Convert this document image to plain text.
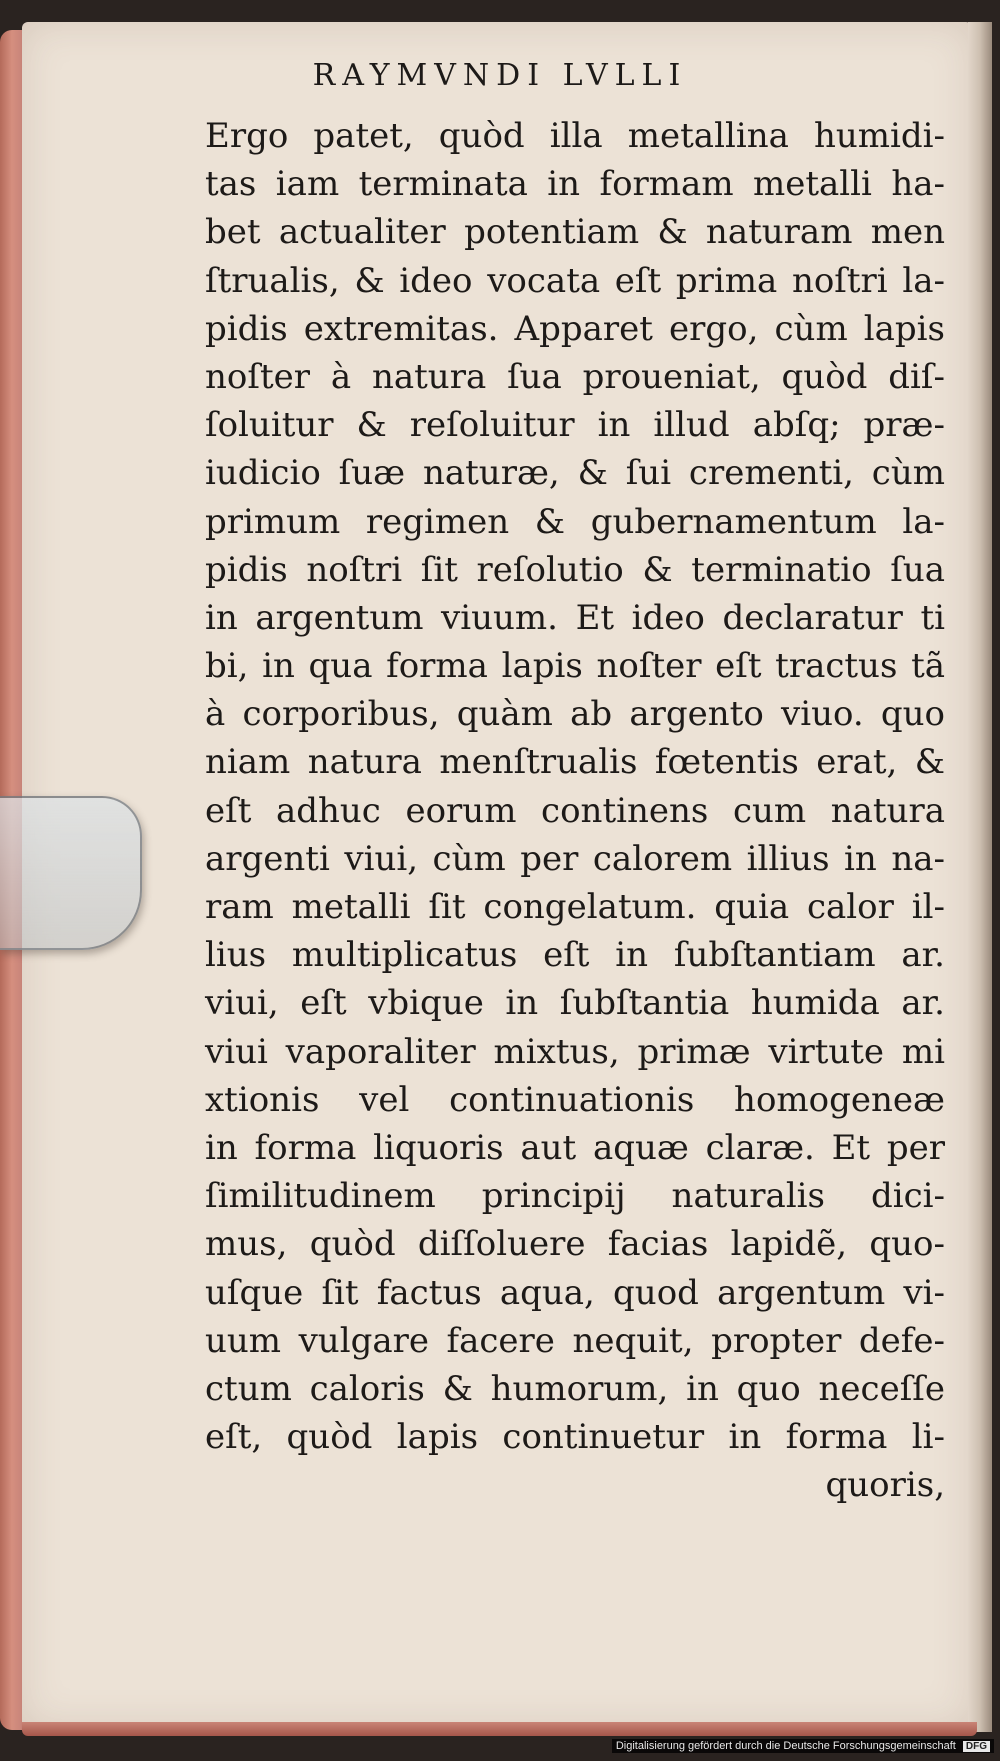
RAYMVNDI LVLLI
Ergo patet, quòd illa metallina humidi-
tas iam terminata in formam metalli ha-
bet actualiter potentiam & naturam men
ſtrualis, & ideo vocata eſt prima noſtri la-
pidis extremitas. Apparet ergo, cùm lapis
noſter à natura ſua proueniat, quòd diſ-
ſoluitur & reſoluitur in illud abſq; præ-
iudicio ſuæ naturæ, & ſui crementi, cùm
primum regimen & gubernamentum la-
pidis noſtri ſit reſolutio & terminatio ſua
in argentum viuum. Et ideo declaratur ti
bi, in qua forma lapis noſter eſt tractus tã
à corporibus, quàm ab argento viuo. quo
niam natura menſtrualis fœtentis erat, &
eſt adhuc eorum continens cum natura
argenti viui, cùm per calorem illius in na-
ram metalli ſit congelatum. quia calor il-
lius multiplicatus eſt in ſubſtantiam ar.
viui, eſt vbique in ſubſtantia humida ar.
viui vaporaliter mixtus, primæ virtute mi
xtionis vel continuationis homogeneæ
in forma liquoris aut aquæ claræ. Et per
ſimilitudinem principij naturalis dici-
mus, quòd diſſoluere facias lapidẽ, quo-
uſque ſit factus aqua, quod argentum vi-
uum vulgare facere nequit, propter defe-
ctum caloris & humorum, in quo neceſſe
eſt, quòd lapis continuetur in forma li-
quoris,
Digitalisierung gefördert durch die Deutsche Forschungsgemeinschaft DFG
